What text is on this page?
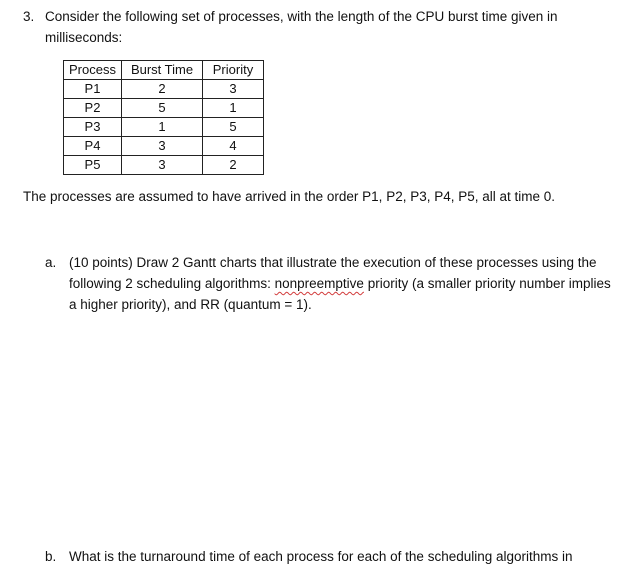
3. Consider the following set of processes, with the length of the CPU burst time given in milliseconds:
Process	Burst Time	Priority
P1	2	3
P2	5	1
P3	1	5
P4	3	4
P5	3	2
The processes are assumed to have arrived in the order P1, P2, P3, P4, P5, all at time 0.
a. (10 points) Draw 2 Gantt charts that illustrate the execution of these processes using the following 2 scheduling algorithms: nonpreemptive priority (a smaller priority number implies a higher priority), and RR (quantum = 1).
b. What is the turnaround time of each process for each of the scheduling algorithms in
